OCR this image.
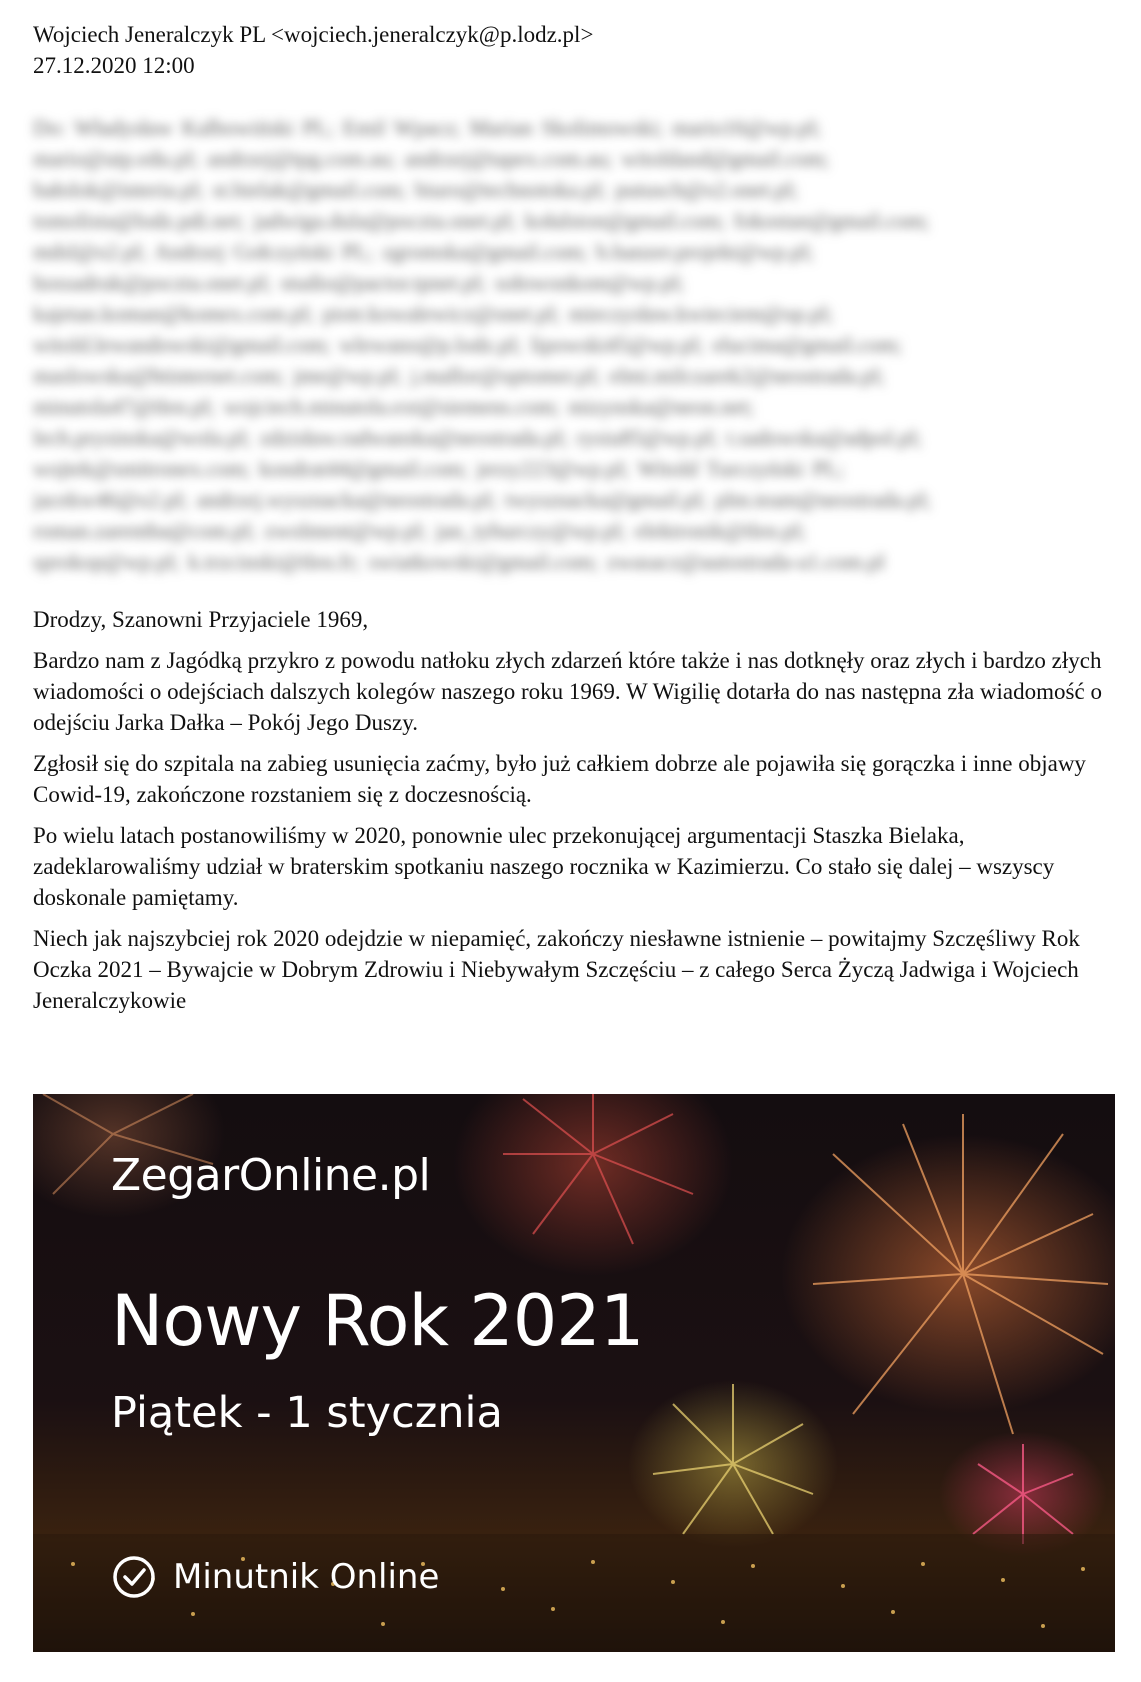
Wojciech Jeneralczyk PL <wojciech.jeneralczyk@p.lodz.pl>

27.12.2020 12:00

Do: Władysław Kalbowiński PL; Emil Wpacz; Marian Skolimowski; mario16@wp.pl;

mario@utp.edu.pl; andrzej@tpg.com.au; andrzej@tapex.com.au; witoldand@gmail.com;

bałolok@interia.pl; st.bielak@gmail.com; biuro@technotoka.pl; putusch@o2.onet.pl;

tomolista@lodz.pdi.net; jadwiga.dula@poczta.onet.pl; kołalston@gmail.com; fokostan@gmail.com;

mdsl@o2.pl; Andrzej Gołczyński PL; zgromska@gmail.com; b.hanzer.projekt@wp.pl;

hossadruk@poczta.onet.pl; studio@pactor.tpnet.pl; sołowonkom@wp.pl;

kajetan.koman@komex.com.pl; piotr.kowalewicz@onet.pl; mieczysław.kwieciem@op.pl;

witold.lewandowski@gmail.com; wlewano@p.lodz.pl; lipowski45@wp.pl; elucima@gmail.com;

maslowska@btinternet.com; jme@wp.pl; j.mallor@optomer.pl; elmi.milczarek2@neostrada.pl;

minutola47@tlen.pl; wojciech.minutola.ext@siemens.com; mizynska@neon.net;

lech.prysinska@wola.pl; zdzisław.radwanska@neostrada.pl; rysiu85@wp.pl; t.sadowska@adpol.pl;

wojtek@smitronex.com; kondrat44@gmail.com; jerzy223@wp.pl; Witold Turczyński PL;

jacekw46@o2.pl; andrzej.wysznacka@neostrada.pl; twysznacka@gmail.pl; plm.team@neostrada.pl;

roman.zaremba@com.pl; zwolment@wp.pl; jan_tyburczy@wp.pl; elektronik@tlen.pl;

sprokop@wp.pl; k.trzcinski@tlen.fr; swiatkowski@gmail.com; zwasacz@autostrada-a1.com.pl

Drodzy, Szanowni Przyjaciele 1969,

Bardzo nam z Jagódką przykro z powodu natłoku złych zdarzeń które także i nas dotknęły oraz złych i bardzo złych wiadomości o odejściach dalszych kolegów naszego roku 1969. W Wigilię dotarła do nas następna zła wiadomość o odejściu Jarka Dałka – Pokój Jego Duszy.

Zgłosił się do szpitala na zabieg usunięcia zaćmy, było już całkiem dobrze ale pojawiła się gorączka i inne objawy Cowid-19, zakończone rozstaniem się z doczesnością.

Po wielu latach postanowiliśmy w 2020, ponownie ulec przekonującej argumentacji Staszka Bielaka, zadeklarowaliśmy udział w braterskim spotkaniu naszego rocznika w Kazimierzu. Co stało się dalej – wszyscy doskonale pamiętamy.

Niech jak najszybciej rok 2020 odejdzie w niepamięć, zakończy niesławne istnienie – powitajmy Szczęśliwy Rok Oczka 2021 – Bywajcie w Dobrym Zdrowiu i Niebywałym Szczęściu – z całego Serca Życzą Jadwiga i Wojciech Jeneralczykowie

ZegarOnline.pl
Nowy Rok 2021
Piątek - 1 stycznia
Minutnik Online
